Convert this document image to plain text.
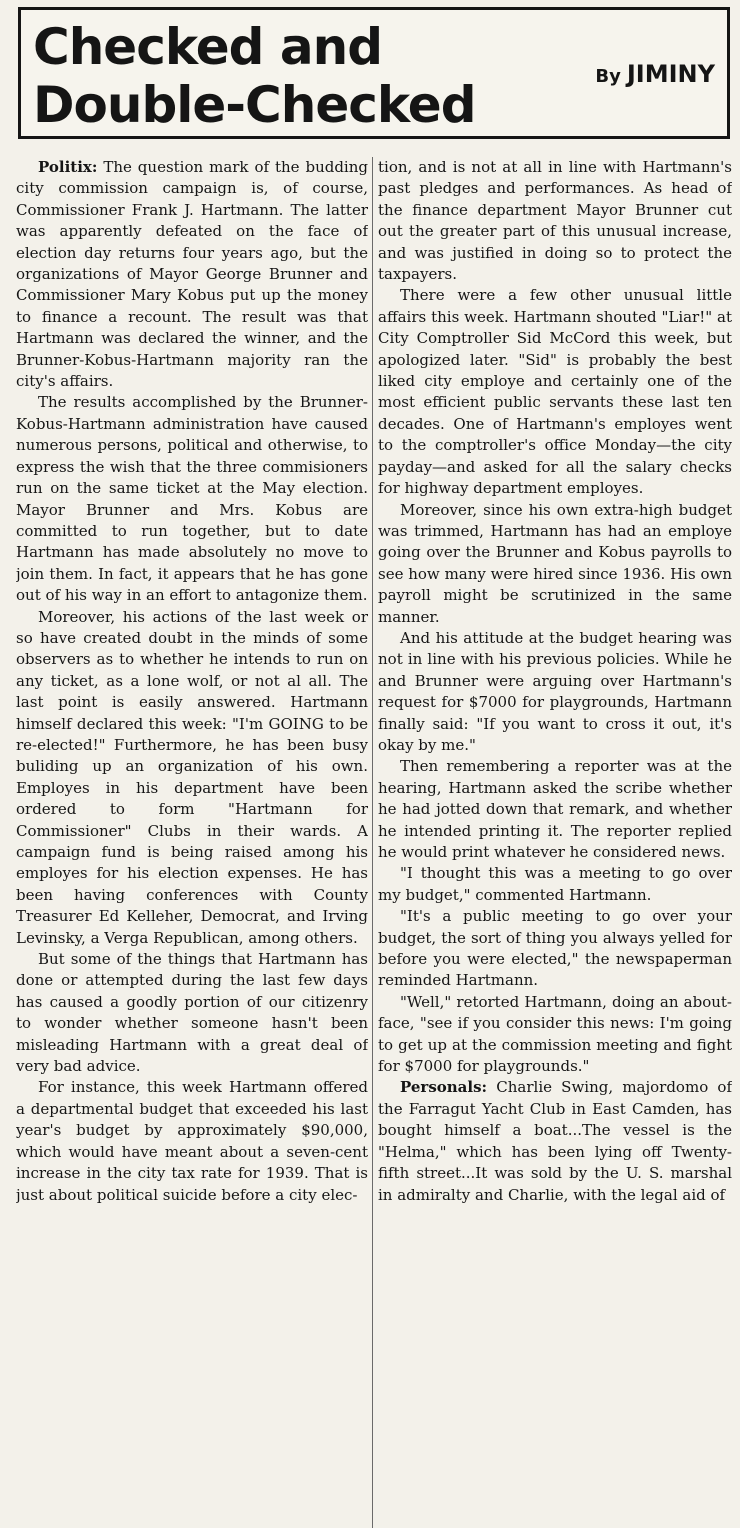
Checked and
Double-Checked	By JIMINY

Politix: The question mark of the budding city commission campaign is, of course, Commissioner Frank J. Hartmann. The latter was apparently defeated on the face of election day returns four years ago, but the organizations of Mayor George Brunner and Commissioner Mary Kobus put up the money to finance a recount. The result was that Hartmann was declared the winner, and the Brunner-Kobus-Hartmann majority ran the city's affairs.

The results accomplished by the Brunner-Kobus-Hartmann administration have caused numerous persons, political and otherwise, to express the wish that the three commisioners run on the same ticket at the May election. Mayor Brunner and Mrs. Kobus are committed to run together, but to date Hartmann has made absolutely no move to join them. In fact, it appears that he has gone out of his way in an effort to antagonize them.

Moreover, his actions of the last week or so have created doubt in the minds of some observers as to whether he intends to run on any ticket, as a lone wolf, or not al all. The last point is easily answered. Hartmann himself declared this week: "I'm GOING to be re-elected!" Furthermore, he has been busy buliding up an organization of his own. Employes in his department have been ordered to form "Hartmann for Commissioner" Clubs in their wards. A campaign fund is being raised among his employes for his election expenses. He has been having conferences with County Treasurer Ed Kelleher, Democrat, and Irving Levinsky, a Verga Republican, among others.

But some of the things that Hartmann has done or attempted during the last few days has caused a goodly portion of our citizenry to wonder whether someone hasn't been misleading Hartmann with a great deal of very bad advice.

For instance, this week Hartmann offered a departmental budget that exceeded his last year's budget by approximately $90,000, which would have meant about a seven-cent increase in the city tax rate for 1939. That is just about political suicide before a city elec-

tion, and is not at all in line with Hartmann's past pledges and performances. As head of the finance department Mayor Brunner cut out the greater part of this unusual increase, and was justified in doing so to protect the taxpayers.

There were a few other unusual little affairs this week. Hartmann shouted "Liar!" at City Comptroller Sid McCord this week, but apologized later. "Sid" is probably the best liked city employe and certainly one of the most efficient public servants these last ten decades. One of Hartmann's employes went to the comptroller's office Monday—the city payday—and asked for all the salary checks for highway department employes.

Moreover, since his own extra-high budget was trimmed, Hartmann has had an employe going over the Brunner and Kobus payrolls to see how many were hired since 1936. His own payroll might be scrutinized in the same manner.

And his attitude at the budget hearing was not in line with his previous policies. While he and Brunner were arguing over Hartmann's request for $7000 for playgrounds, Hartmann finally said: "If you want to cross it out, it's okay by me."

Then remembering a reporter was at the hearing, Hartmann asked the scribe whether he had jotted down that remark, and whether he intended printing it. The reporter replied he would print whatever he considered news.

"I thought this was a meeting to go over my budget," commented Hartmann.

"It's a public meeting to go over your budget, the sort of thing you always yelled for before you were elected," the newspaperman reminded Hartmann.

"Well," retorted Hartmann, doing an about-face, "see if you consider this news: I'm going to get up at the commission meeting and fight for $7000 for playgrounds."

Personals: Charlie Swing, majordomo of the Farragut Yacht Club in East Camden, has bought himself a boat...The vessel is the "Helma," which has been lying off Twenty-fifth street...It was sold by the U. S. marshal in admiralty and Charlie, with the legal aid of
